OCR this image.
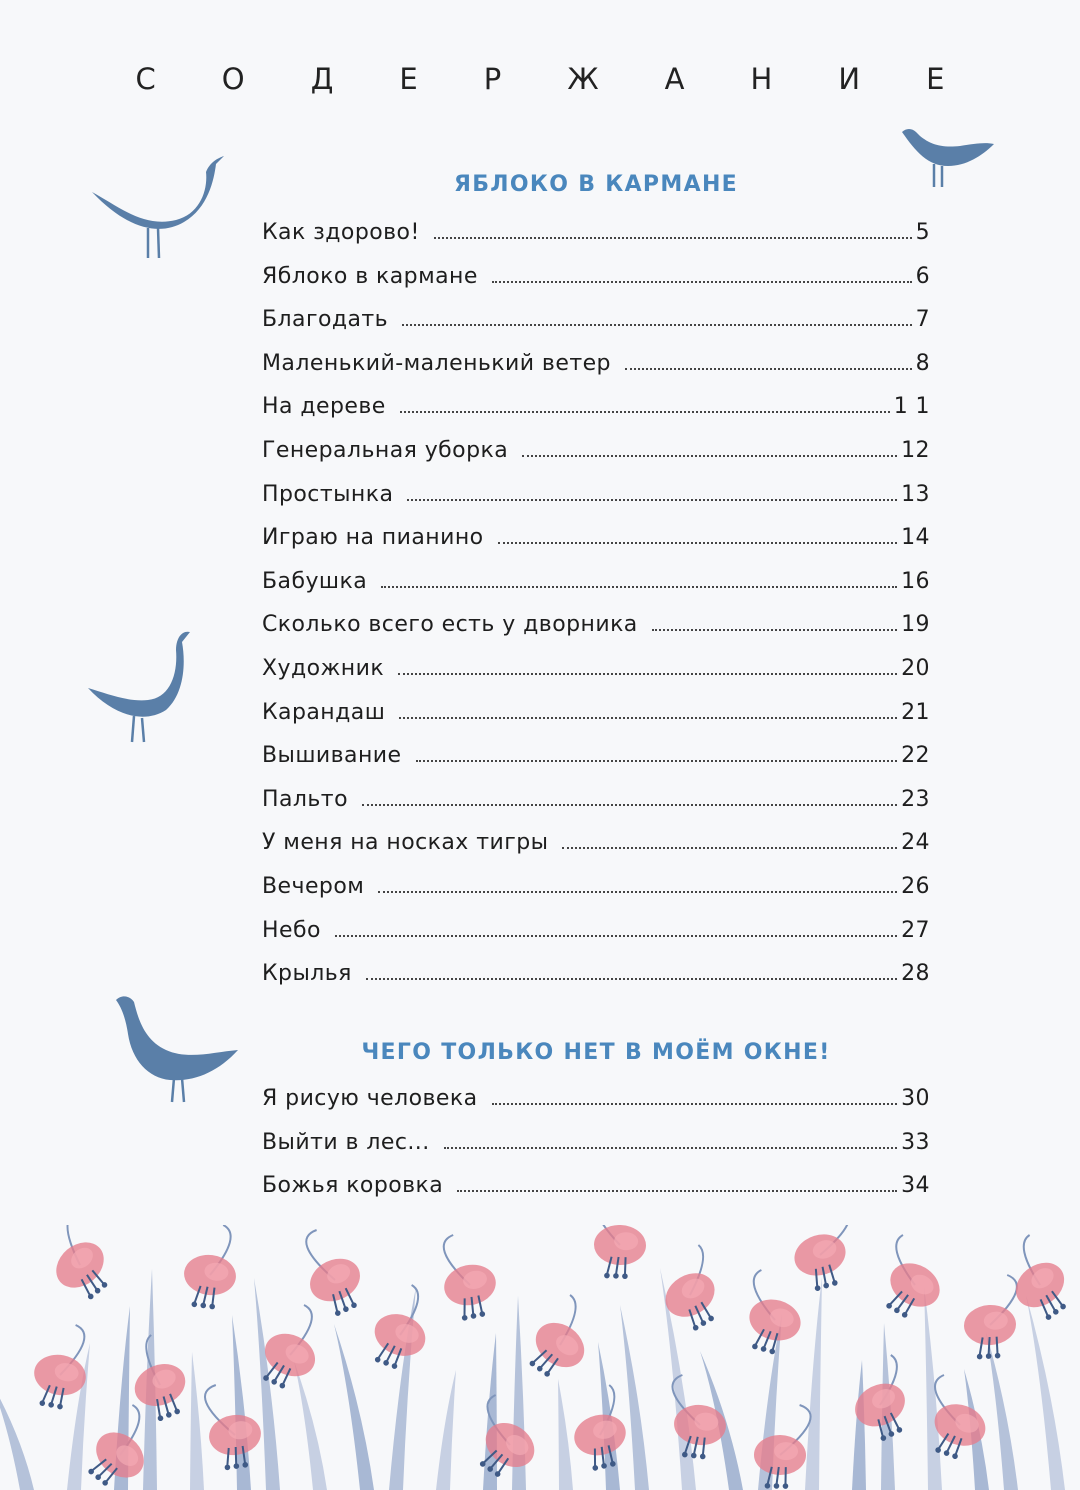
С О Д Е Р Ж А Н И Е
ЯБЛОКО В КАРМАНЕ
Как здорово!	5
Яблоко в кармане	6
Благодать	7
Маленький-маленький ветер	8
На дереве	1 1
Генеральная уборка	12
Простынка	13
Играю на пианино	14
Бабушка	16
Сколько всего есть у дворника	19
Художник	20
Карандаш	21
Вышивание	22
Пальто	23
У меня на носках тигры	24
Вечером	26
Небо	27
Крылья	28
ЧЕГО ТОЛЬКО НЕТ В МОЁМ ОКНЕ!
Я рисую человека	30
Выйти в лес...	33
Божья коровка	34
